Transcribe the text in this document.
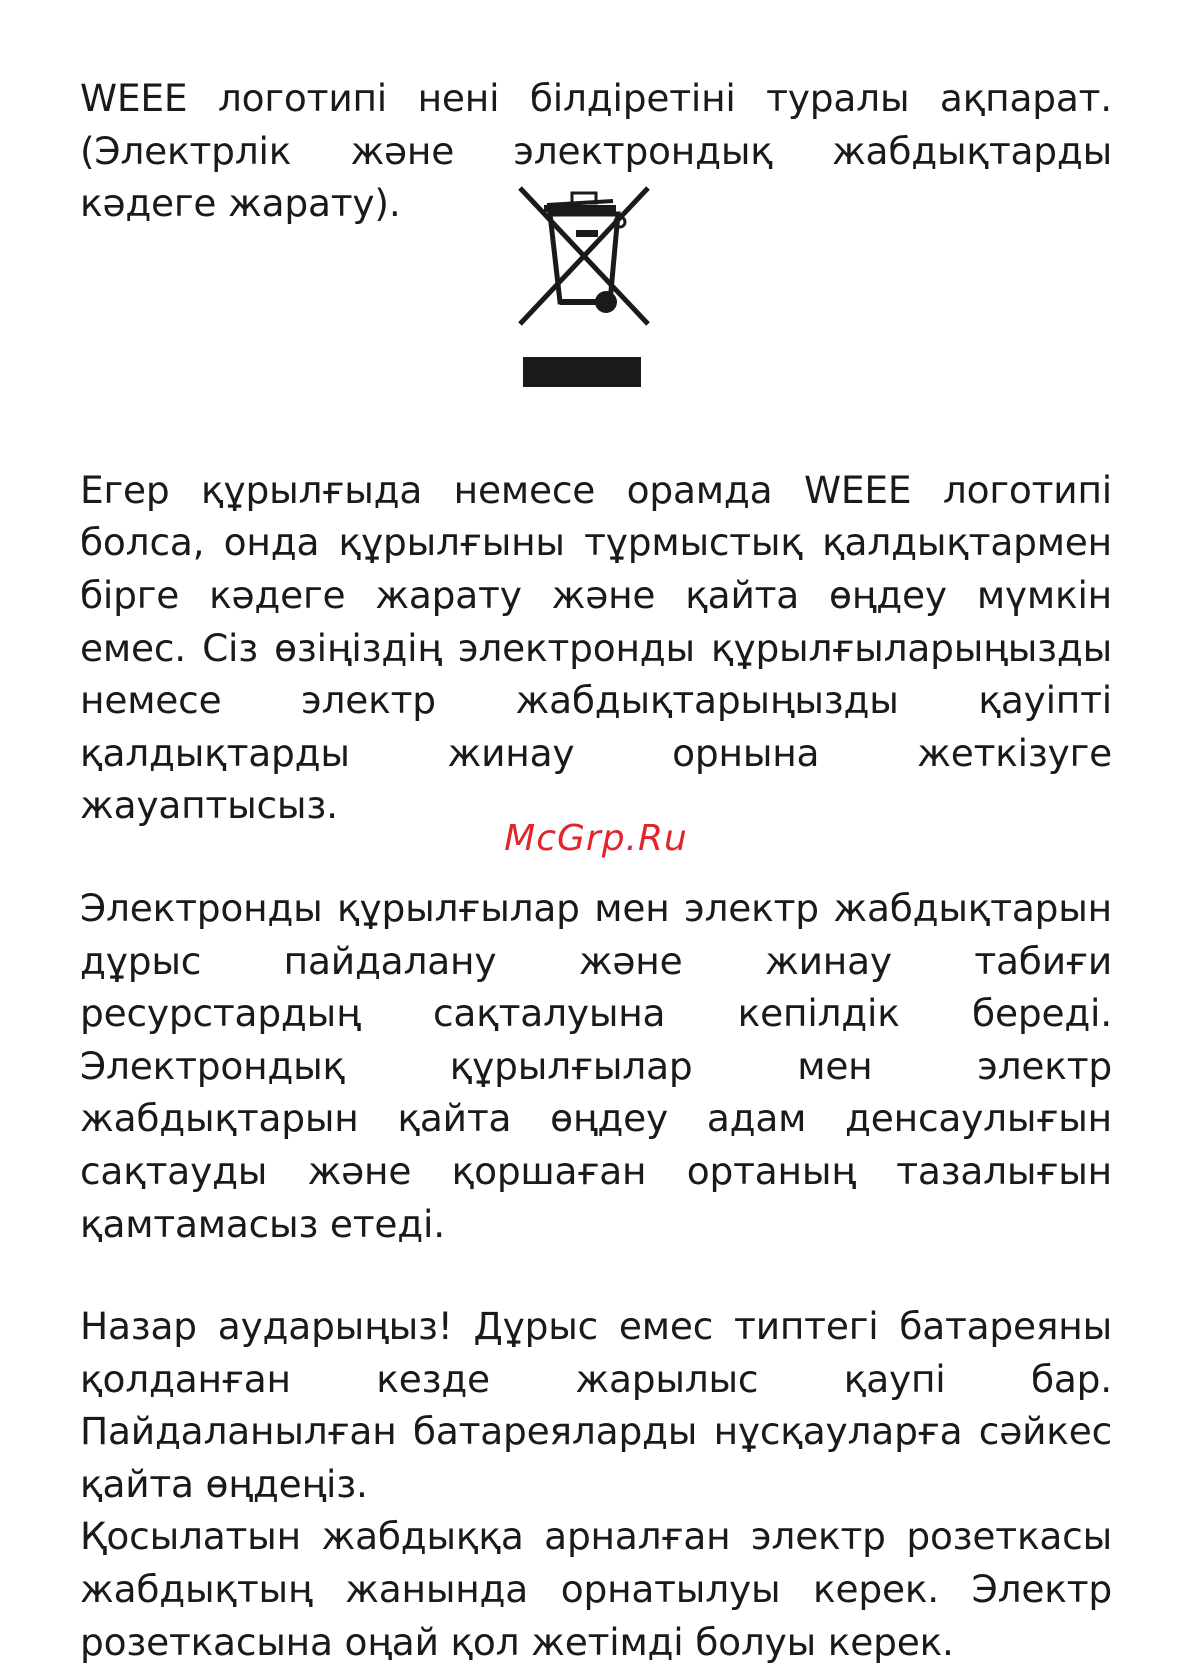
WEEE логотипі нені білдіретіні туралы ақпарат. (Электрлік және электрондық жабдықтарды кәдеге жарату).

Егер құрылғыда немесе орамда WEEE логотипі болса, онда құрылғыны тұрмыстық қалдықтармен бірге кәдеге жарату және қайта өңдеу мүмкін емес. Сіз өзіңіздің электронды құрылғыларыңызды немесе электр жабдықтарыңызды қауіпті қалдықтарды жинау орнына жеткізуге жауаптысыз.

Электронды құрылғылар мен электр жабдықтарын дұрыс пайдалану және жинау табиғи ресурстардың сақталуына кепілдік береді. Электрондық құрылғылар мен электр жабдықтарын қайта өңдеу адам денсаулығын сақтауды және қоршаған ортаның тазалығын қамтамасыз етеді.

Назар аударыңыз! Дұрыс емес типтегі батареяны қолданған кезде жарылыс қаупі бар. Пайдаланылған батареяларды нұсқауларға сәйкес қайта өңдеңіз.

Қосылатын жабдыққа арналған электр розеткасы жабдықтың жанында орнатылуы керек. Электр розеткасына оңай қол жетімді болуы керек.

McGrp.Ru
